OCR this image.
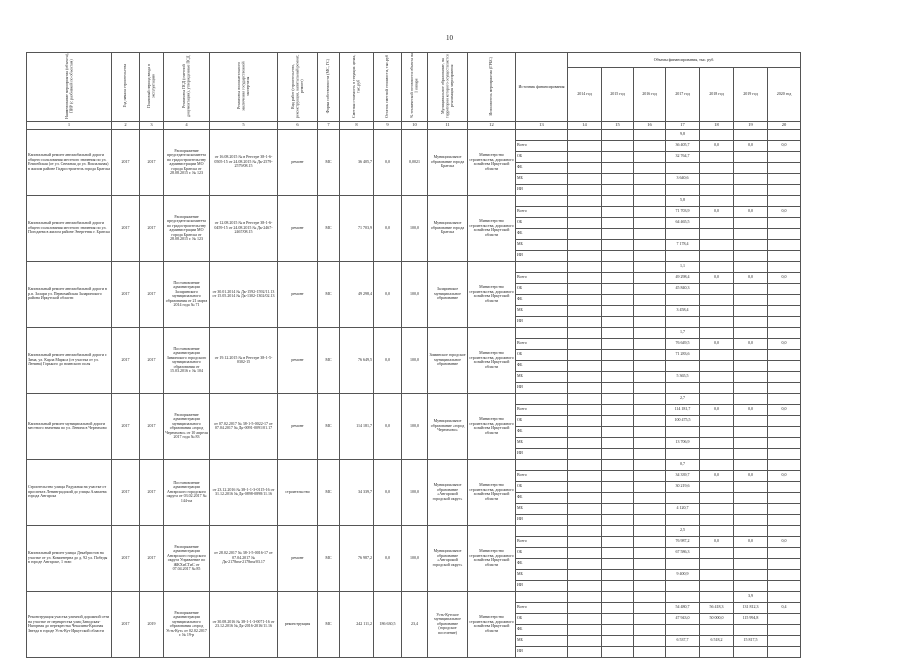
10
Наименование мероприятия (объекта), ПИР (с разбивкой по объектам)	Год начала строительства	Плановый период ввода в эксплуатацию	Реквизиты ПСД (сметной документации), утвержденные ПСД	Реквизиты положительного заключения государственной экспертизы	Вид работ (строительство, реконструкция, капитальный ремонт, ремонт)	Форма собственности (МС, ГС)	Сметная стоимость в текущих ценах, тыс.руб	Остаток сметной стоимости, тыс.руб	% технической готовности объекта на 1 января	Муниципальное образование, на территории которого осуществляется реализация мероприятия	Исполнитель мероприятия (ГРБС)	Источник финансирования	Объемы финансирования, тыс. руб.						
													2014 год	2015 год	2016 год	2017 год	2018 год	2019 год	2020 год
1	2	3	4	5	6	7	8	9	10	11	12	13	14	15	16	17	18	19	20
Капитальный ремонт автомобильной дороги общего пользования местного значения по ул. Енисейская (от ул. Снежная до ул. Вокзальная) в жилом районе Гидростроитель города Братска	2017	2017	Распоряжение председателя комитета по градостроительству администрации МО города Братска от 28.08.2015 г. № 123	от 16.08.2015 № в Реестре 38-1-6-0505-15 от 24.08.2015 № Дк-2579-2579/08.15	ремонт	МС	36 405,7	0,0	0,0021	Муниципальное образование города Братска	Министерство строительства, дорожного хозяйства Иркутской области					9,8			
												Всего				36 405,7	0,0	0,0	0,0
												ОБ				32 764,7			
												ФБ							
												МБ				3 640,6			
												ИИ							
Капитальный ремонт автомобильной дороги общего пользования местного значения по ул. Погодаева в жилом районе Энергетик г. Братска	2017	2017	Распоряжение председателя комитета по градостроительству администрации МО города Братска от 28.08.2015 г. № 123	от 12.08.2015 № в Реестре 38-1-6-0459-15 от 24.08.2015 № Дк-2467-2467/08.15	ремонт	МС	71 703,9	0,0	100,0	Муниципальное образование города Братска	Министерство строительства, дорожного хозяйства Иркутской области					5,8			
												Всего				71 703,9	0,0	0,0	0,0
												ОБ				64 465,5			
												ФБ							
												МБ				7 178,4			
												ИИ							
Капитальный ремонт автомобильной дороги в р.п. Залари ул. Первомайская Заларинского района Иркутской области	2017	2017	Постановление администрации Заларинского муниципального образования от 21 марта 2014 года № 71	от 30.01.2014 № Дк-1592-1592/11.13 от 15.05.2014 № Дк-1302-1302/02.13	ремонт	МС	49 298,4	0,0	100,0	Заларинское муниципальное образование	Министерство строительства, дорожного хозяйства Иркутской области					1,1			
												Всего				49 298,4	0,0	0,0	0,0
												ОБ				45 840,3			
												ФБ							
												МБ				3 458,4			
												ИИ							
Капитальный ремонт автомобильной дороги г. Зима, ул. Карла Маркса (от участка от ул. Ленина) Горького до воинского поля	2017	2017	Постановление администрации Зиминского городского муниципального образования от 15.03.2016 г. № 104	от 19.12.2015 № в Реестре 38-1-5-0302-15	ремонт	МС	76 649,5	0,0	100,0	Зиминское городское муниципальное образование	Министерство строительства, дорожного хозяйства Иркутской области					1,7			
												Всего				76 649,5	0,0	0,0	0,0
												ОБ				71 283,6			
												ФБ							
												МБ				5 365,5			
												ИИ							
Капитальный ремонт муниципальной дороги местного значения по ул. Ленина в Черемхово	2017	2017	Распоряжение администрации муниципального образования «город Черемхово» от 10 апреля 2017 года № 83	от 07.02.2017 № 38-1-5-0022-17 от 07.04.2017 № Дк-0091-0091/01.17	ремонт	МС	114 181,7	0,0	100,0	Муниципальное образование «город Черемхово»	Министерство строительства, дорожного хозяйства Иркутской области					2,7			
												Всего				114 181,7	0,0	0,0	0,0
												ОБ				100 475,5			
												ФБ							
												МБ				13 706,9			
												ИИ							
Строительство улицы Радужная на участке от проспекта Ленинградский до улицы Алапаева города Ангарска	2017	2017	Постановление администрации Ангарского городского округа от 03.02.2017 № 144-па	от 23.12.2016 № 38-1-1-3-0115-16 от 31.12.2016 № Дк-0898-0898/11.16	строительство	МС	34 339,7	0,0	100,0	Муниципальное образование «Ангарский городской округ»	Министерство строительства, дорожного хозяйства Иркутской области					0,7			
												Всего				34 339,7	0,0	0,0	0,0
												ОБ				30 219,6			
												ФБ							
												МБ				4 120,7			
												ИИ							
Капитальный ремонт улицы Декабристов на участке от ул. Коминтерна до д. 92 ул. Победы в городе Ангарске, 1 этап	2017	2017	Распоряжение администрации Ангарского городского округа Управление по ЖКХиСТиС от 07.04.2017 № 85	от 28.02.2017 № 38-1-5-0016-17 от 07.04.2017 № Дк-2178пм-2178пм/03.17	ремонт	МС	76 987,2	0,0	100,0	Муниципальное образование «Ангарский городской округ»	Министерство строительства, дорожного хозяйства Иркутской области					2,5			
												Всего				76 987,2	0,0	0,0	0,0
												ОБ				67 586,3			
												ФБ							
												МБ				9 400,9			
												ИИ							
Реконструкция участка уличной дорожной сети на участке от перекрестка улиц Заводская-Нагорная до перекрестка Чекалина-Красная Звезда в городе Усть-Кут Иркутской области	2017	2019	Распоряжение администрации муниципального образования «город Усть-Кут» от 02.02.2017 г. № 19-р	от 30.08.2016 № 38-1-1-3-0071-16 от 23.12.2016 № Дк-2016-2016/11.16	реконструкция	МС	242 111,2	186 630,5	23,4	Усть-Кутское муниципальное образование (городское поселение)	Министерство строительства, дорожного хозяйства Иркутской области							3,9	
												Всего				54 480,7	56 418,3	131 812,3	0,4
												ОБ				47 943,0	50 000,0	115 994,8	
												ФБ							
												МБ				6 537,7	6 518,2	15 817,5	
												ИИ							
